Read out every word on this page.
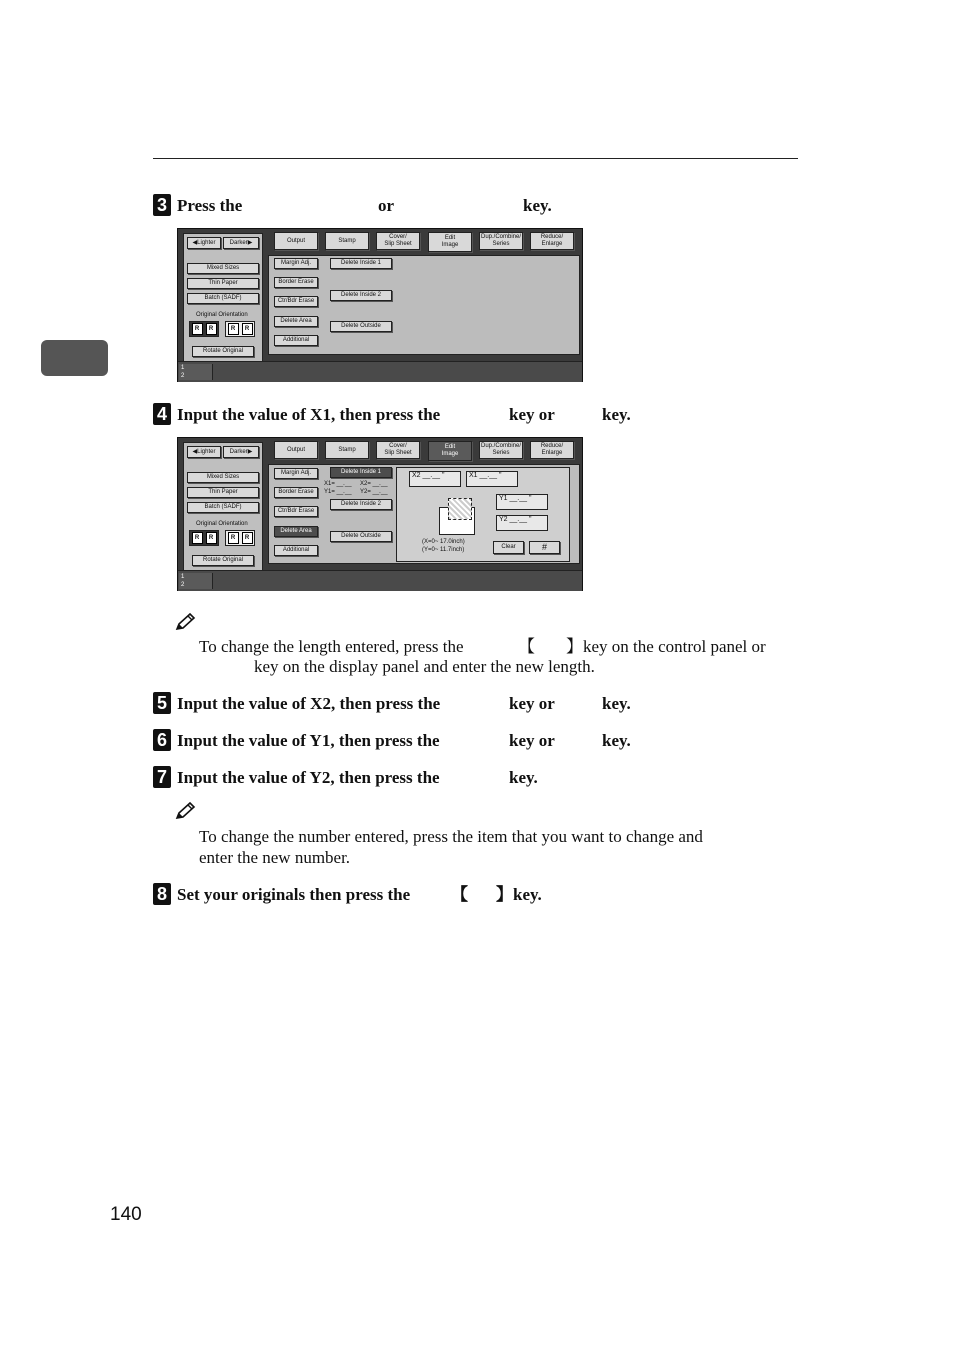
3 Press the	or	key.
◀ Lighter Darker ▶
Mixed Sizes
Thin Paper
Batch (SADF)
Original Orientation
R	R	R	R
Rotate Original
Output	Stamp
Cover/
Slip Sheet
Edit
Image
Dup./Combine/
Series
Reduce/
Enlarge
Margin Adj.
Border Erase
Ctr/Bdr Erase
Delete Area
Additional
Delete Inside 1
Delete Inside 2
Delete Outside
1
2
4 Input the value of X1, then press the	key or	key.
◀ Lighter Darker ▶
Mixed Sizes
Thin Paper
Batch (SADF)
Original Orientation
R	R	R	R
Rotate Original
Output	Stamp
Cover/
Slip Sheet
Edit
Image
Dup./Combine/
Series
Reduce/
Enlarge
Margin Adj.
Border Erase
Ctr/Bdr Erase
Delete Area
Additional
Delete Inside 1
X1= __.__ X2= __.__
Y1= __.__ Y2= __.__
Delete Inside 2
Delete Outside
X2 __.__ "	X1 __.__ "
Y1 __.__ "
Y2 __.__ "
(X=0~ 17.0inch)
(Y=0~ 11.7inch)	Clear	#
1
2
To change the length entered, press the	【 】key on the control panel or
key on the display panel and enter the new length.
5 Input the value of X2, then press the	key or	key.
6 Input the value of Y1, then press the	key or	key.
7 Input the value of Y2, then press the	key.
To change the number entered, press the item that you want to change and
enter the new number.
8 Set your originals then press the 【 】key.
140
